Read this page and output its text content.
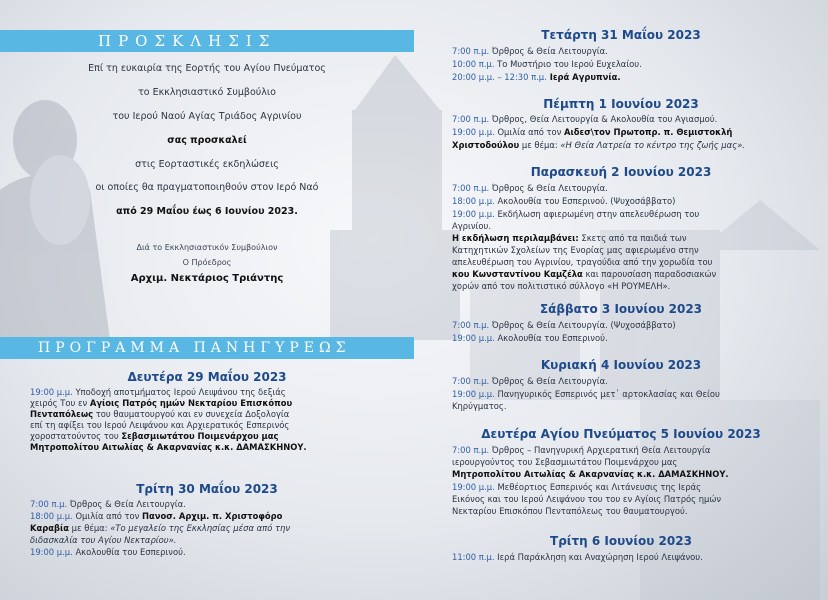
ΠΡΟΣΚΛΗΣΙΣ
Επί τη ευκαιρία της Εορτής του Αγίου Πνεύματος
το Εκκλησιαστικό Συμβούλιο
του Ιερού Ναού Αγίας Τριάδος Αγρινίου
σας προσκαλεί
στις Εορταστικές εκδηλώσεις
οι οποίες θα πραγματοποιηθούν στον Ιερό Ναό
από 29 Μαΐου έως 6 Ιουνίου 2023.
Διά το Εκκλησιαστικόν Συμβούλιον
Ο Πρόεδρος
Αρχιμ. Νεκτάριος Τριάντης
ΠΡΟΓΡΑΜΜΑ ΠΑΝΗΓΥΡΕΩΣ
Δευτέρα 29 Μαΐου 2023
19:00 μ.μ. Υποδοχή αποτμήματος Ιερού Λειψάνου της δεξιάς
χειρός Του εν Αγίοις Πατρός ημών Νεκταρίου Επισκόπου
Πενταπόλεως του θαυματουργού και εν συνεχεία Δοξολογία
επί τη αφίξει του Ιερού Λειψάνου και Αρχιερατικός Εσπερινός
χοροστατούντος του Σεβασμιωτάτου Ποιμενάρχου μας
Μητροπολίτου Αιτωλίας & Ακαρνανίας κ.κ. ΔΑΜΑΣΚΗΝΟΥ.
Τρίτη 30 Μαΐου 2023
7:00 π.μ. Όρθρος & Θεία Λειτουργία.
18:00 μ.μ. Ομιλία από τον Πανοσ. Αρχιμ. π. Χριστοφόρο
Καραβία με θέμα: «Το μεγαλείο της Εκκλησίας μέσα από την
διδασκαλία του Αγίου Νεκταρίου».
19:00 μ.μ. Ακολουθία του Εσπερινού.
Τετάρτη 31 Μαΐου 2023
7:00 π.μ. Όρθρος & Θεία Λειτουργία.
10:00 π.μ. Το Μυστήριο του Ιερού Ευχελαίου.
20:00 μ.μ. – 12:30 π.μ. Ιερά Αγρυπνία.
Πέμπτη 1 Ιουνίου 2023
7:00 π.μ. Όρθρος, Θεία Λειτουργία & Ακολουθία του Αγιασμού.
19:00 μ.μ. Ομιλία από τον Αιδεσ\τον Πρωτοπρ. π. Θεμιστοκλή
Χριστοδούλου με θέμα: «Η Θεία Λατρεία το κέντρο της ζωής μας».
Παρασκευή 2 Ιουνίου 2023
7:00 π.μ. Όρθρος & Θεία Λειτουργία.
18:00 μ.μ. Ακολουθία του Εσπερινού. (Ψυχοσάββατο)
19:00 μ.μ. Εκδήλωση αφιερωμένη στην απελευθέρωση του
Αγρινίου.
Η εκδήλωση περιλαμβάνει: Σκετς από τα παιδιά των
Κατηχητικών Σχολείων της Ενορίας μας αφιερωμένο στην
απελευθέρωση του Αγρινίου, τραγούδια από την χορωδία του
κου Κωνσταντίνου Καμζέλα και παρουσίαση παραδοσιακών
χορών από τον πολιτιστικό σύλλογο «Η ΡΟΥΜΕΛΗ».
Σάββατο 3 Ιουνίου 2023
7:00 π.μ. Όρθρος & Θεία Λειτουργία. (Ψυχοσάββατο)
19:00 μ.μ. Ακολουθία του Εσπερινού.
Κυριακή 4 Ιουνίου 2023
7:00 π.μ. Όρθρος & Θεία Λειτουργία.
19:00 μ.μ. Πανηγυρικός Εσπερινός μετ᾽ αρτοκλασίας και Θείου
Κηρύγματος.
Δευτέρα Αγίου Πνεύματος 5 Ιουνίου 2023
7:00 π.μ. Όρθρος – Πανηγυρική Αρχιερατική Θεία Λειτουργία
ιερουργούντος του Σεβασμιωτάτου Ποιμενάρχου μας
Μητροπολίτου Αιτωλίας & Ακαρνανίας κ.κ. ΔΑΜΑΣΚΗΝΟΥ.
19:00 μ.μ. Μεθέορτιος Εσπερινός και Λιτάνευσις της Ιεράς
Εικόνος και του Ιερού Λειψάνου του του εν Αγίοις Πατρός ημών
Νεκταρίου Επισκόπου Πενταπόλεως του θαυματουργού.
Τρίτη 6 Ιουνίου 2023
11:00 π.μ. Ιερά Παράκληση και Αναχώρηση Ιερού Λειψάνου.
